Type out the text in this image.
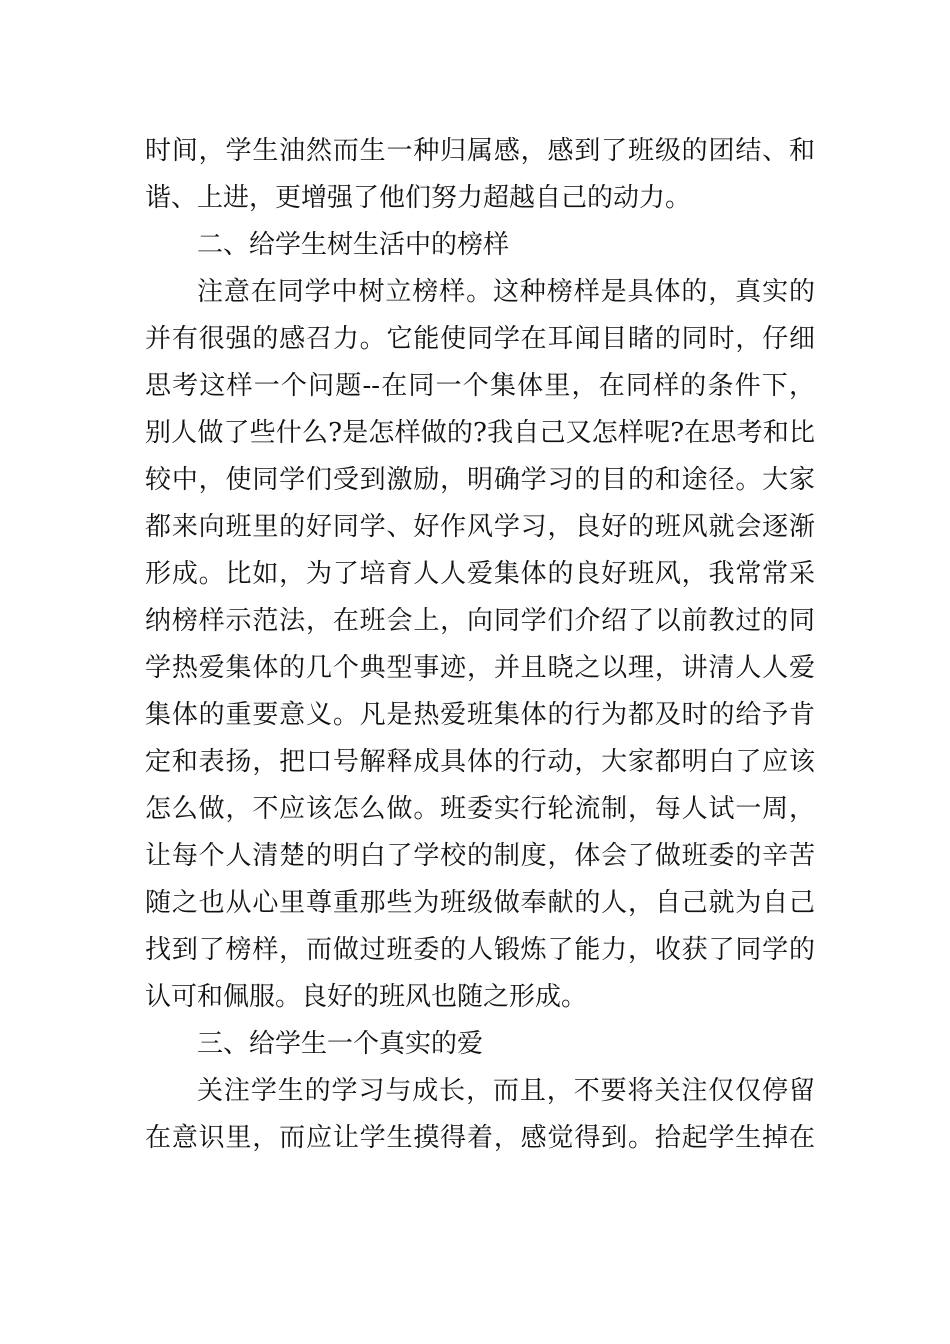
时间，学生油然而生一种归属感，感到了班级的团结、和
谐、上进，更增强了他们努力超越自己的动力。
二、给学生树生活中的榜样
注意在同学中树立榜样。这种榜样是具体的，真实的
并有很强的感召力。它能使同学在耳闻目睹的同时，仔细
思考这样一个问题--在同一个集体里，在同样的条件下，
别人做了些什么?是怎样做的?我自己又怎样呢?在思考和比
较中，使同学们受到激励，明确学习的目的和途径。大家
都来向班里的好同学、好作风学习，良好的班风就会逐渐
形成。比如，为了培育人人爱集体的良好班风，我常常采
纳榜样示范法，在班会上，向同学们介绍了以前教过的同
学热爱集体的几个典型事迹，并且晓之以理，讲清人人爱
集体的重要意义。凡是热爱班集体的行为都及时的给予肯
定和表扬，把口号解释成具体的行动，大家都明白了应该
怎么做，不应该怎么做。班委实行轮流制，每人试一周，
让每个人清楚的明白了学校的制度，体会了做班委的辛苦
随之也从心里尊重那些为班级做奉献的人，自己就为自己
找到了榜样，而做过班委的人锻炼了能力，收获了同学的
认可和佩服。良好的班风也随之形成。
三、给学生一个真实的爱
关注学生的学习与成长，而且，不要将关注仅仅停留
在意识里，而应让学生摸得着，感觉得到。拾起学生掉在
